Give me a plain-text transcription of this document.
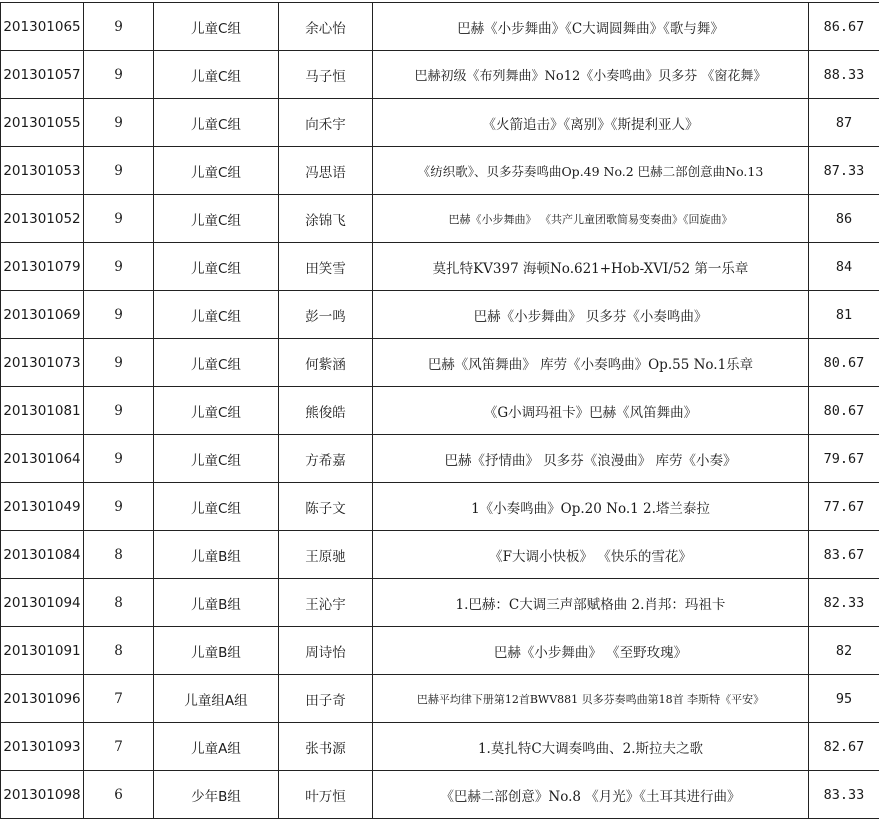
201301065	9	儿童C组	余心怡	巴赫《小步舞曲》《C大调圆舞曲》《歌与舞》	86.67
201301057	9	儿童C组	马子恒	巴赫初级《布列舞曲》No12《小奏鸣曲》贝多芬 《窗花舞》	88.33
201301055	9	儿童C组	向禾宇	《火箭追击》《离别》《斯提利亚人》	87
201301053	9	儿童C组	冯思语	《纺织歌》、贝多芬奏鸣曲Op.49 No.2 巴赫二部创意曲No.13	87.33
201301052	9	儿童C组	涂锦飞	巴赫《小步舞曲》 《共产儿童团歌简易变奏曲》《回旋曲》	86
201301079	9	儿童C组	田笑雪	莫扎特KV397 海顿No.621+Hob-XVI/52 第一乐章	84
201301069	9	儿童C组	彭一鸣	巴赫《小步舞曲》 贝多芬《小奏鸣曲》	81
201301073	9	儿童C组	何紫涵	巴赫《风笛舞曲》 库劳《小奏鸣曲》Op.55 No.1乐章	80.67
201301081	9	儿童C组	熊俊皓	《G小调玛祖卡》巴赫《风笛舞曲》	80.67
201301064	9	儿童C组	方希嘉	巴赫《抒情曲》 贝多芬《浪漫曲》 库劳《小奏》	79.67
201301049	9	儿童C组	陈子文	1《小奏鸣曲》Op.20 No.1 2.塔兰泰拉	77.67
201301084	8	儿童B组	王原驰	《F大调小快板》 《快乐的雪花》	83.67
201301094	8	儿童B组	王沁宇	1.巴赫：C大调三声部赋格曲 2.肖邦：玛祖卡	82.33
201301091	8	儿童B组	周诗怡	巴赫《小步舞曲》 《至野玫瑰》	82
201301096	7	儿童组A组	田子奇	巴赫平均律下册第12首BWV881 贝多芬奏鸣曲第18首 李斯特《平安》	95
201301093	7	儿童A组	张书源	1.莫扎特C大调奏鸣曲、2.斯拉夫之歌	82.67
201301098	6	少年B组	叶万恒	《巴赫二部创意》No.8 《月光》《土耳其进行曲》	83.33
